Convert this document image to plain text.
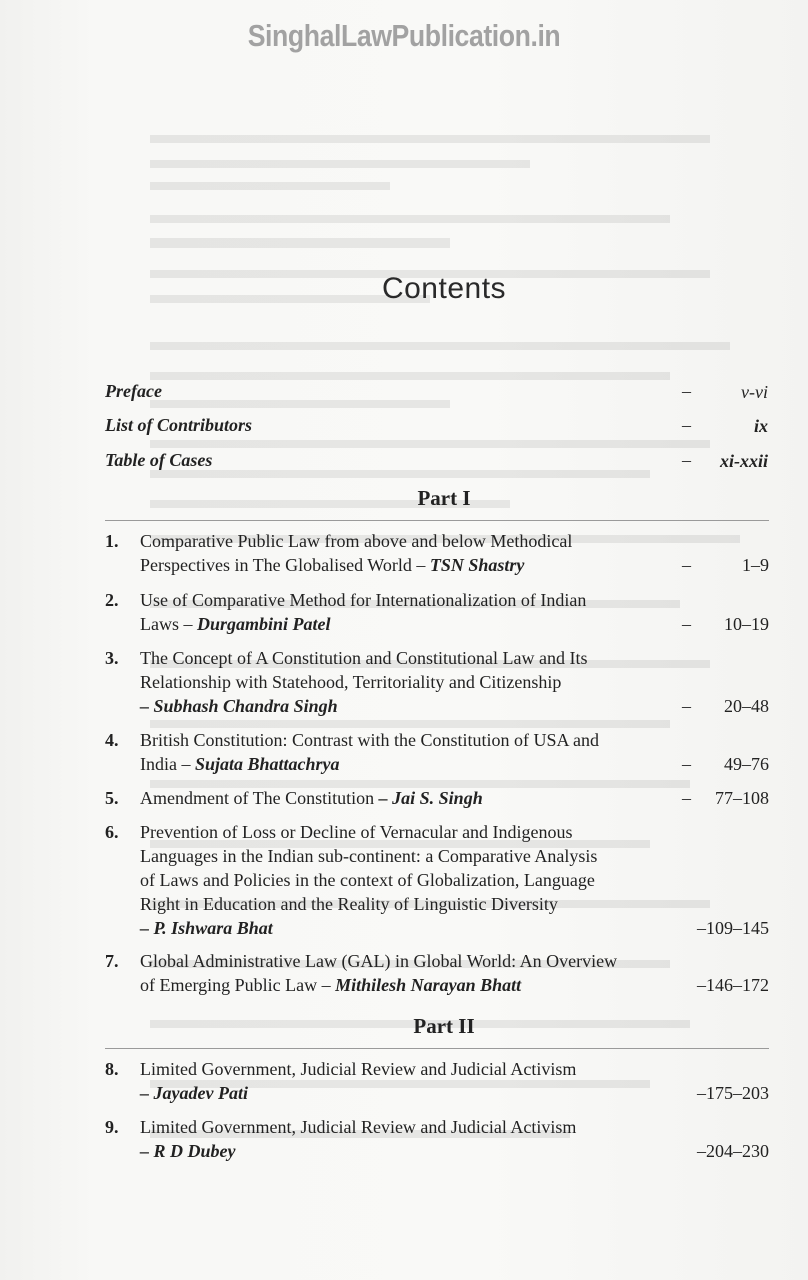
SinghalLawPublication.in
Contents
Preface	–	v-vi
List of Contributors	–	ix
Table of Cases	– xi-xxii
Part I
1. Comparative Public Law from above and below Methodical
Perspectives in The Globalised World – TSN Shastry	–	1–9
2. Use of Comparative Method for Internationalization of Indian
Laws – Durgambini Patel	– 10–19
3. The Concept of A Constitution and Constitutional Law and Its
Relationship with Statehood, Territoriality and Citizenship
– Subhash Chandra Singh	– 20–48
4. British Constitution: Contrast with the Constitution of USA and
India – Sujata Bhattachrya	– 49–76
5. Amendment of The Constitution – Jai S. Singh	– 77–108
6. Prevention of Loss or Decline of Vernacular and Indigenous
Languages in the Indian sub-continent: a Comparative Analysis
of Laws and Policies in the context of Globalization, Language
Right in Education and the Reality of Linguistic Diversity
– P. Ishwara Bhat	–109–145
7. Global Administrative Law (GAL) in Global World: An Overview
of Emerging Public Law – Mithilesh Narayan Bhatt	–146–172
Part II
8. Limited Government, Judicial Review and Judicial Activism
– Jayadev Pati	–175–203
9. Limited Government, Judicial Review and Judicial Activism
– R D Dubey	–204–230
